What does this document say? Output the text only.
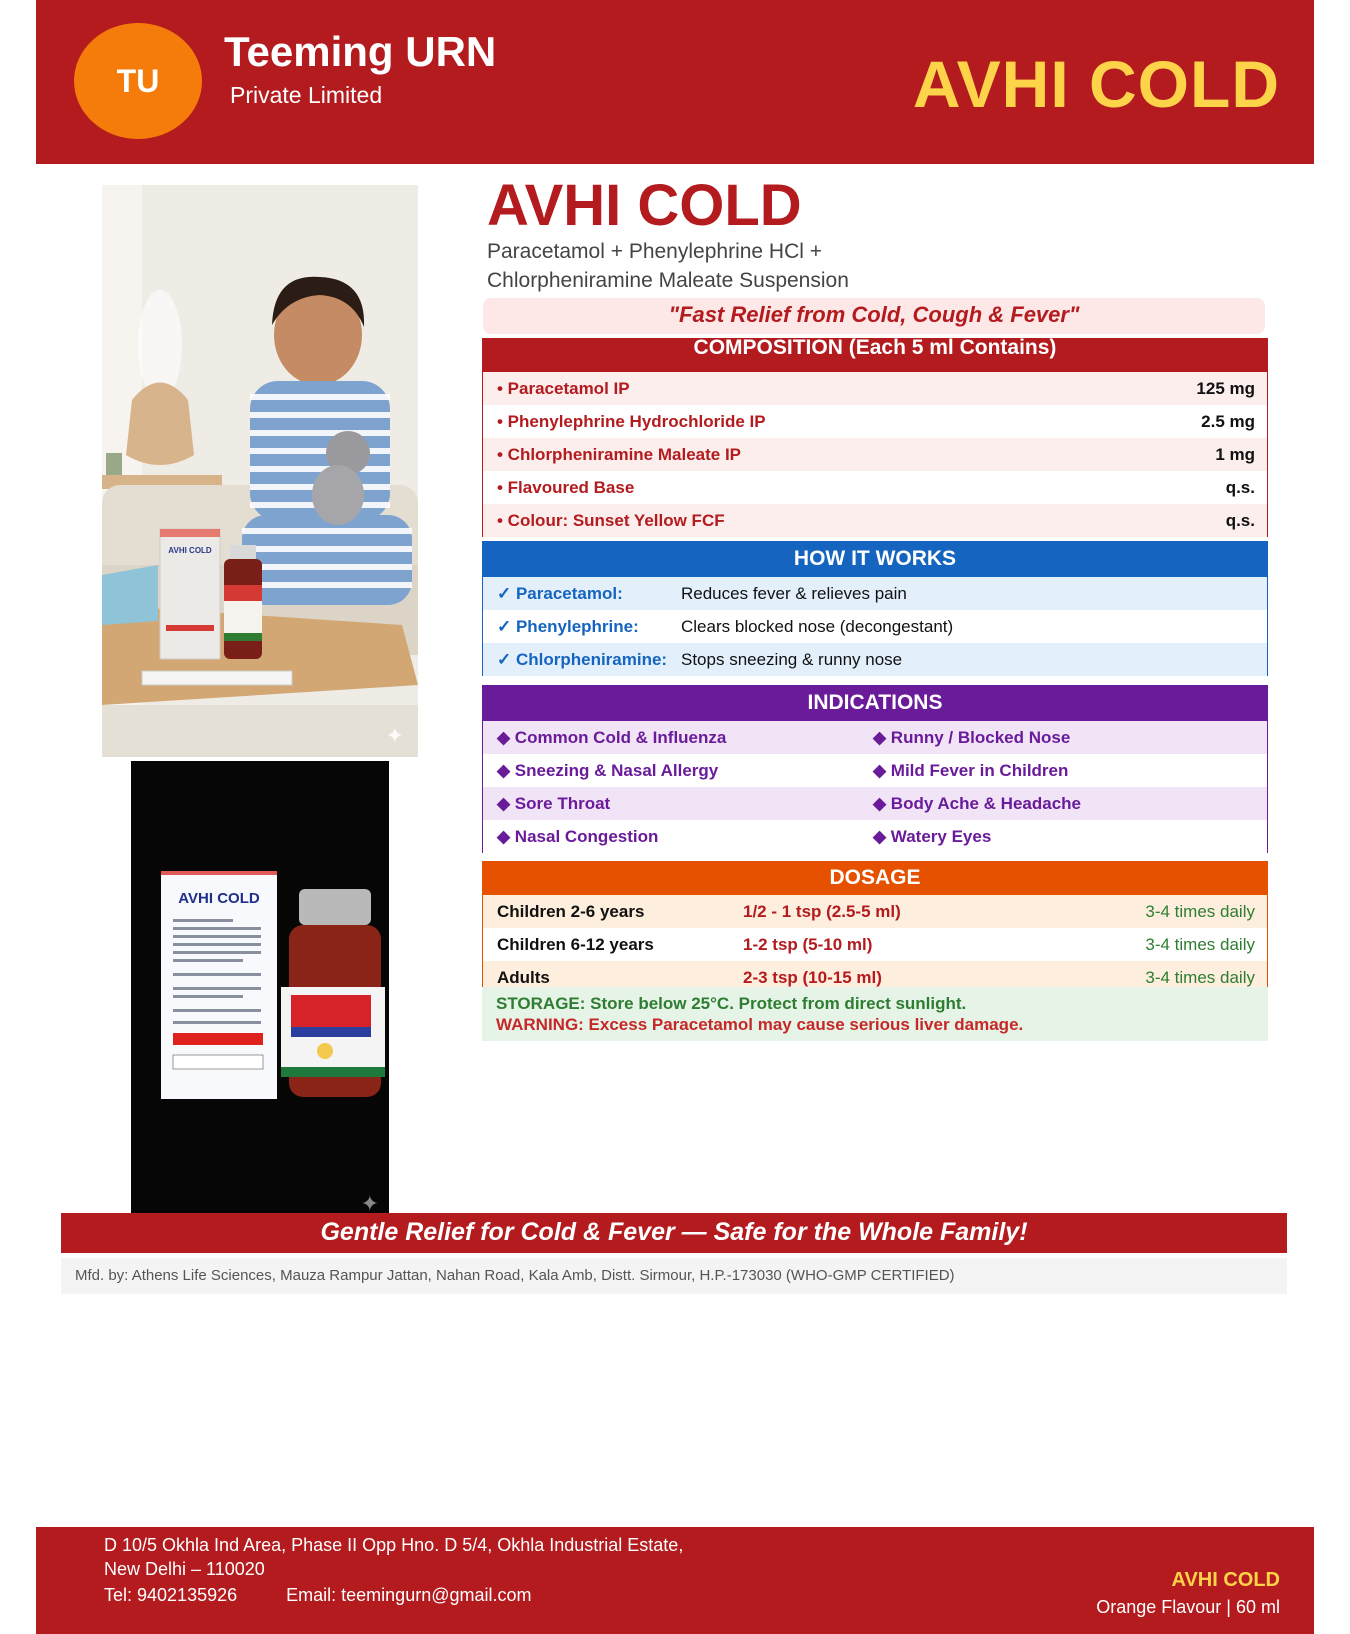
TU
Teeming URN
Private Limited	AVHI COLD
AVHI COLD
✦
AVHI COLD
✦
AVHI COLD
Paracetamol + Phenylephrine HCl +
Chlorpheniramine Maleate Suspension
"Fast Relief from Cold, Cough & Fever"
COMPOSITION (Each 5 ml Contains)
• Paracetamol IP	125 mg
• Phenylephrine Hydrochloride IP	2.5 mg
• Chlorpheniramine Maleate IP	1 mg
• Flavoured Base	q.s.
• Colour: Sunset Yellow FCF	q.s.
HOW IT WORKS
✓ Paracetamol:	Reduces fever & relieves pain
✓ Phenylephrine:	Clears blocked nose (decongestant)
✓ Chlorpheniramine: Stops sneezing & runny nose
INDICATIONS
◆ Common Cold & Influenza	◆ Runny / Blocked Nose
◆ Sneezing & Nasal Allergy	◆ Mild Fever in Children
◆ Sore Throat	◆ Body Ache & Headache
◆ Nasal Congestion	◆ Watery Eyes
DOSAGE
Children 2-6 years	1/2 - 1 tsp (2.5-5 ml)	3-4 times daily
Children 6-12 years	1-2 tsp (5-10 ml)	3-4 times daily
Adults	2-3 tsp (10-15 ml)	3-4 times daily
STORAGE: Store below 25°C. Protect from direct sunlight.
WARNING: Excess Paracetamol may cause serious liver damage.
Gentle Relief for Cold & Fever — Safe for the Whole Family!
Mfd. by: Athens Life Sciences, Mauza Rampur Jattan, Nahan Road, Kala Amb, Distt. Sirmour, H.P.-173030 (WHO-GMP CERTIFIED)
D 10/5 Okhla Ind Area, Phase II Opp Hno. D 5/4, Okhla Industrial Estate,
New Delhi – 110020
Tel: 9402135926	Email: teemingurn@gmail.com
AVHI COLD
Orange Flavour | 60 ml
